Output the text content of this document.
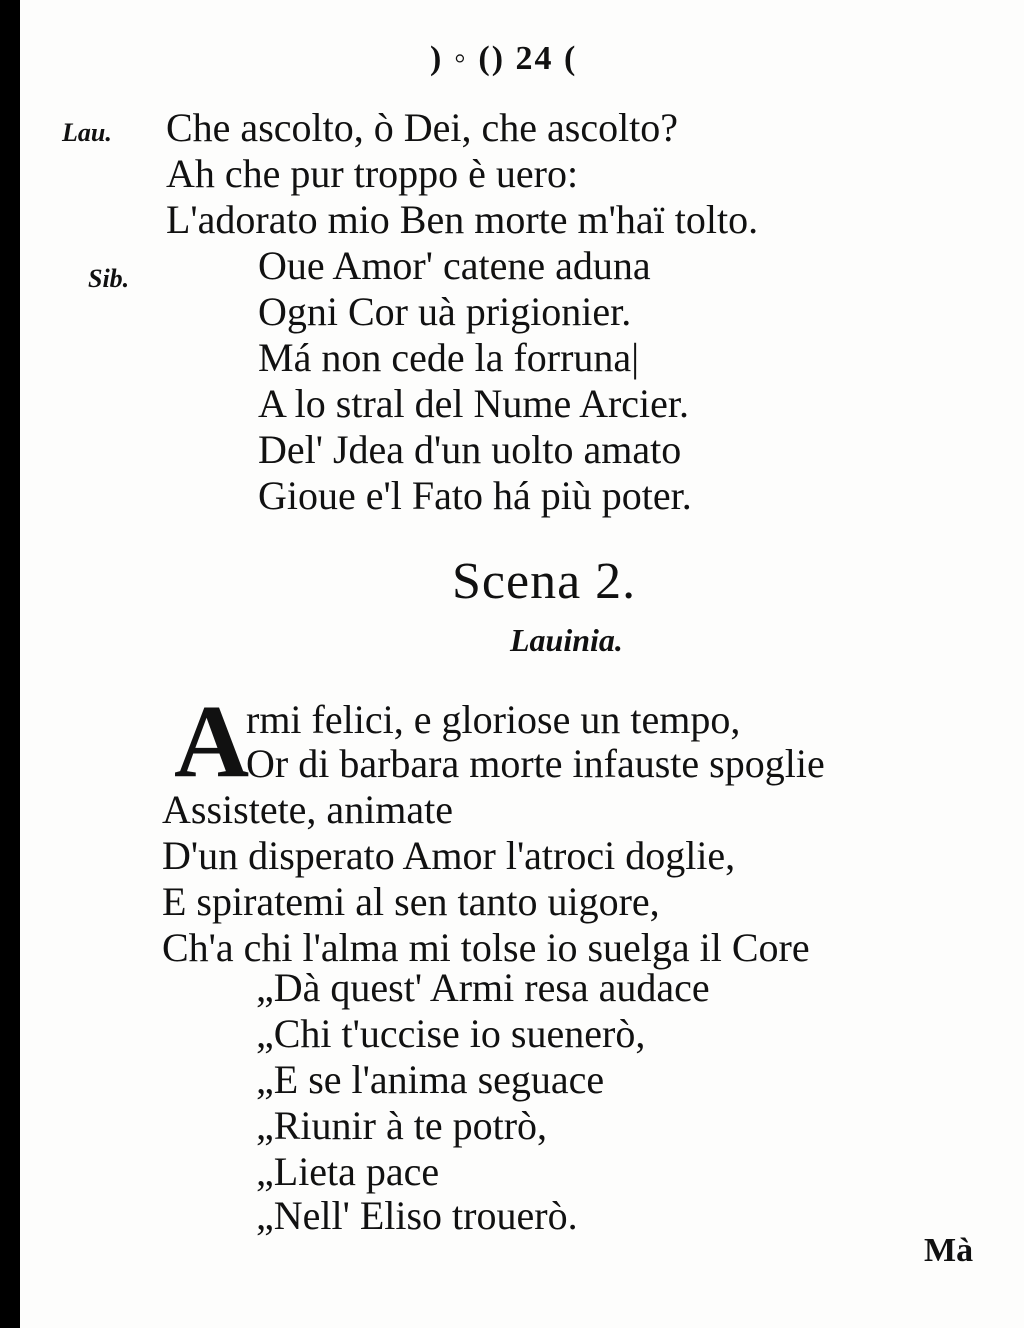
) ◦ () 24 (
Lau. Che ascolto, ò Dei, che ascolto?
Ah che pur troppo è uero:
L'adorato mio Ben morte m'haï tolto.
Sib.	Oue Amor' catene aduna
Ogni Cor uà prigionier.
Má non cede la forruna|
A lo stral del Nume Arcier.
Del' Jdea d'un uolto amato
Gioue e'l Fato há più poter.
Scena 2.
Lauinia.
A
rmi felici, e gloriose un tempo,
Or di barbara morte infauste spoglie
Assistete, animate
D'un disperato Amor l'atroci doglie,
E spiratemi al sen tanto uigore,
Ch'a chi l'alma mi tolse io suelga il Core
„Dà quest' Armi resa audace
„Chi t'uccise io suenerò,
„E se l'anima seguace
„Riunir à te potrò,
„Lieta pace
„Nell' Eliso trouerò.
Mà
